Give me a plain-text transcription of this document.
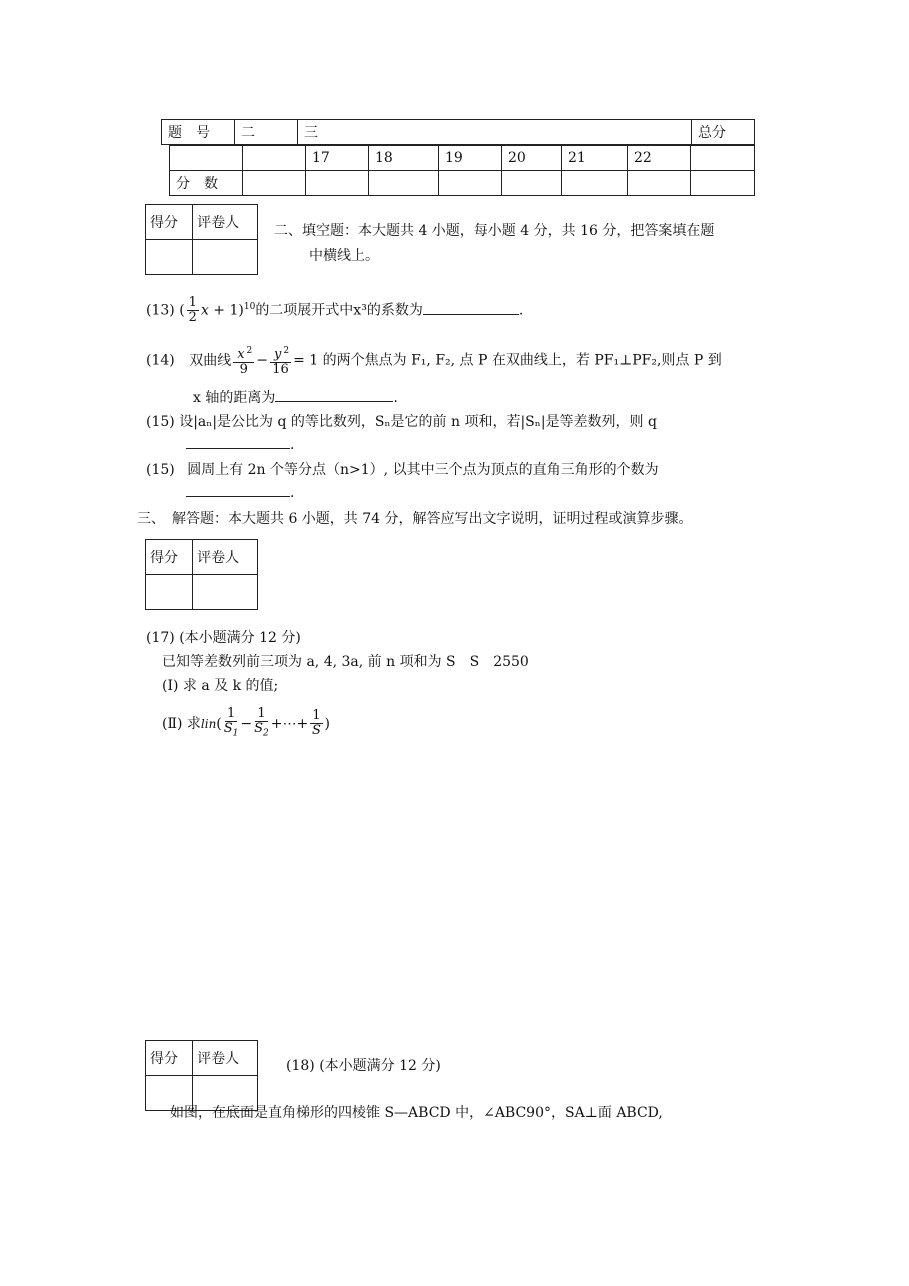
题　号	二	三	总分
		17	18	19	20	21	22	
分　数								
得分	评卷人
	二、填空题：本大题共 4 小题，每小题 4 分，共 16 分，把答案填在题
中横线上。
(13) ( $\frac{1}{2}$ x + 1)$^{10}$的二项展开式中x³的系数为	.
(14) 双曲线 $\frac{x ^2}{9} - \frac{y ^2}{16} = 1$ 的两个焦点为 F₁, F₂, 点 P 在双曲线上，若 PF₁⊥PF₂,则点 P 到
x 轴的距离为	.
(15) 设|aₙ|是公比为 q 的等比数列，Sₙ是它的前 n 项和，若|Sₙ|是等差数列，则 q
.
(15) 圆周上有 2n 个等分点（n>1）, 以其中三个点为顶点的直角三角形的个数为
.
三、　解答题：本大题共 6 小题，共 74 分，解答应写出文字说明，证明过程或演算步骤。
得分	评卷人

(17) (本小题满分 12 分)
已知等差数列前三项为 a, 4, 3a, 前 n 项和为 S　S　2550
(Ⅰ) 求 a 及 k 的值;
(Ⅱ) 求$lin( \frac{1}{S_1} - \frac{1}{S_2}$ +⋯+ $\frac{1}{S}$ )
得分	评卷人
		(18) (本小题满分 12 分)
如图，在底面是直角梯形的四棱锥 S—ABCD 中，∠ABC90°，SA⊥面 ABCD,
